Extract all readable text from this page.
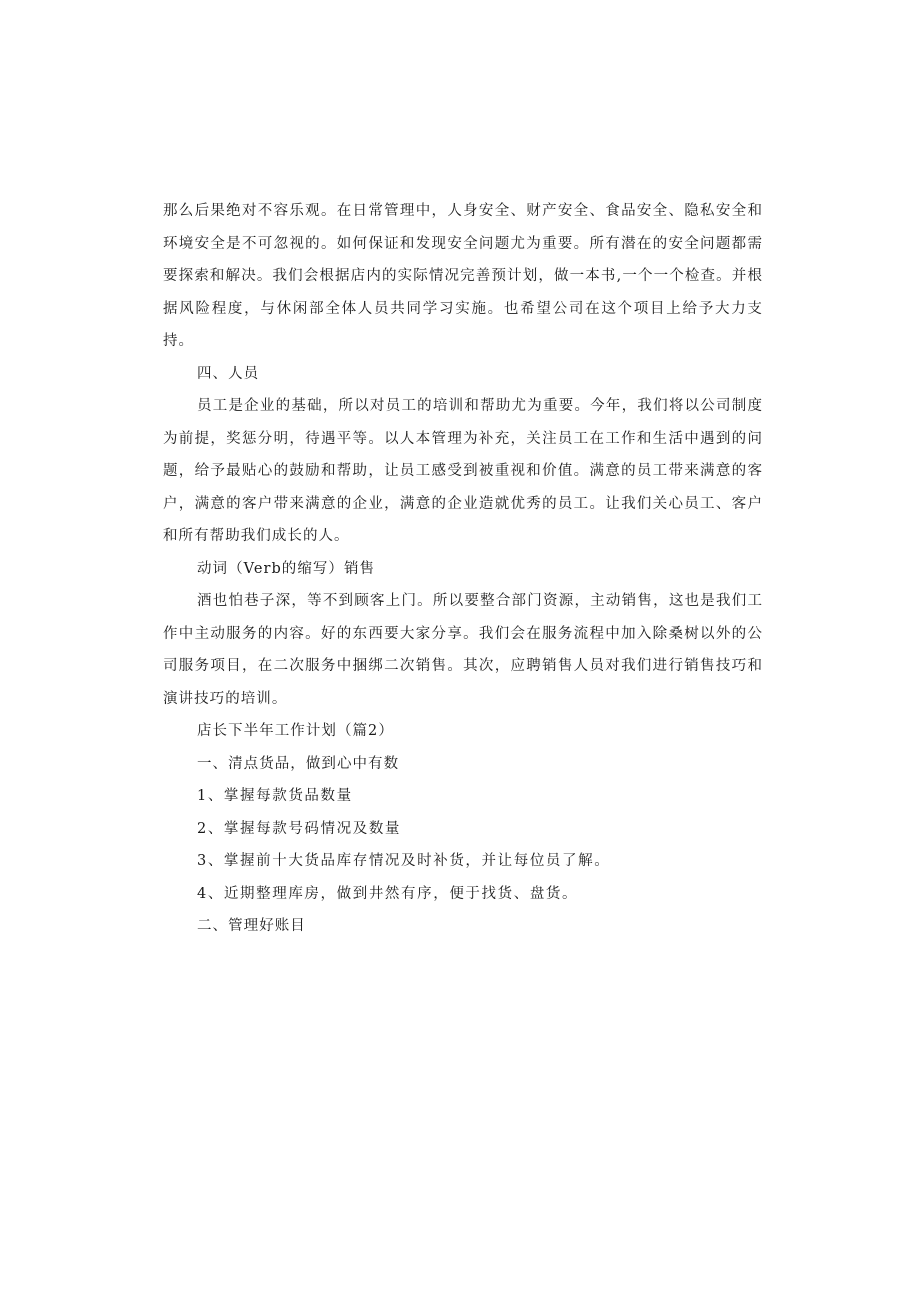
那么后果绝对不容乐观。在日常管理中，人身安全、财产安全、食品安全、隐私安全和环境安全是不可忽视的。如何保证和发现安全问题尤为重要。所有潜在的安全问题都需要探索和解决。我们会根据店内的实际情况完善预计划，做一本书,一个一个检查。并根据风险程度，与休闲部全体人员共同学习实施。也希望公司在这个项目上给予大力支持。

四、人员

员工是企业的基础，所以对员工的培训和帮助尤为重要。今年，我们将以公司制度为前提，奖惩分明，待遇平等。以人本管理为补充，关注员工在工作和生活中遇到的问题，给予最贴心的鼓励和帮助，让员工感受到被重视和价值。满意的员工带来满意的客户，满意的客户带来满意的企业，满意的企业造就优秀的员工。让我们关心员工、客户和所有帮助我们成长的人。

动词（Verb的缩写）销售

酒也怕巷子深，等不到顾客上门。所以要整合部门资源，主动销售，这也是我们工作中主动服务的内容。好的东西要大家分享。我们会在服务流程中加入除桑树以外的公司服务项目，在二次服务中捆绑二次销售。其次，应聘销售人员对我们进行销售技巧和演讲技巧的培训。

店长下半年工作计划（篇2）

一、清点货品，做到心中有数

1、掌握每款货品数量

2、掌握每款号码情况及数量

3、掌握前十大货品库存情况及时补货，并让每位员了解。

4、近期整理库房，做到井然有序，便于找货、盘货。

二、管理好账目
